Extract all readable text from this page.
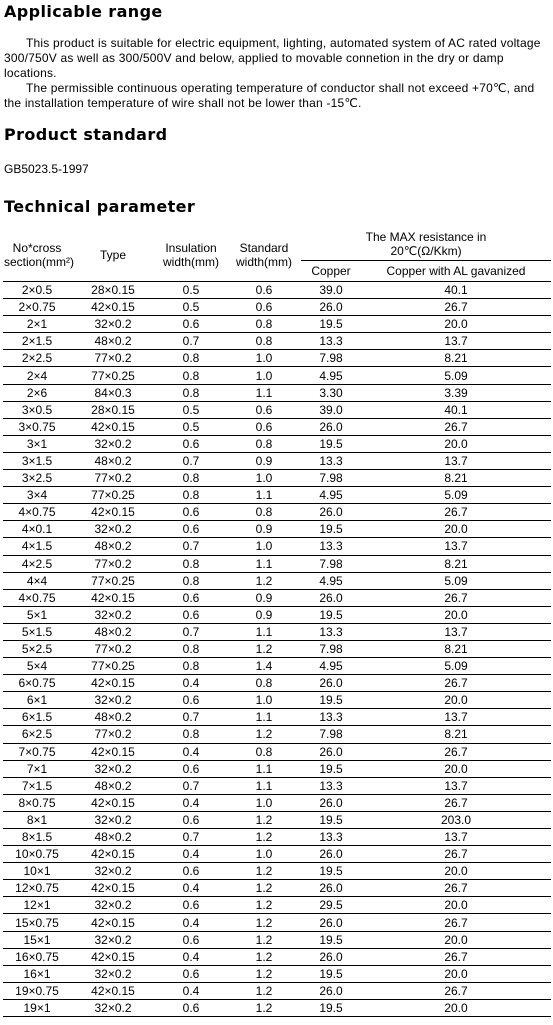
Applicable range
This product is suitable for electric equipment, lighting, automated system of AC rated voltage 300/750V as well as 300/500V and below, applied to movable connetion in the dry or damp locations.
The permissible continuous operating temperature of conductor shall not exceed +70℃, and the installation temperature of wire shall not be lower than -15℃.
Product standard
GB5023.5-1997
Technical parameter
No*cross section(mm²)	Type	Insulation width(mm)	Standard width(mm)	The MAX resistance in 20℃(Ω/Kkm)	

				Copper	Copper with AL gavanized
2×0.5	28×0.15	0.5	0.6	39.0	40.1
2×0.75	42×0.15	0.5	0.6	26.0	26.7
2×1	32×0.2	0.6	0.8	19.5	20.0
2×1.5	48×0.2	0.7	0.8	13.3	13.7
2×2.5	77×0.2	0.8	1.0	7.98	8.21
2×4	77×0.25	0.8	1.0	4.95	5.09
2×6	84×0.3	0.8	1.1	3.30	3.39
3×0.5	28×0.15	0.5	0.6	39.0	40.1
3×0.75	42×0.15	0.5	0.6	26.0	26.7
3×1	32×0.2	0.6	0.8	19.5	20.0
3×1.5	48×0.2	0.7	0.9	13.3	13.7
3×2.5	77×0.2	0.8	1.0	7.98	8.21
3×4	77×0.25	0.8	1.1	4.95	5.09
4×0.75	42×0.15	0.6	0.8	26.0	26.7
4×0.1	32×0.2	0.6	0.9	19.5	20.0
4×1.5	48×0.2	0.7	1.0	13.3	13.7
4×2.5	77×0.2	0.8	1.1	7.98	8.21
4×4	77×0.25	0.8	1.2	4.95	5.09
4×0.75	42×0.15	0.6	0.9	26.0	26.7
5×1	32×0.2	0.6	0.9	19.5	20.0
5×1.5	48×0.2	0.7	1.1	13.3	13.7
5×2.5	77×0.2	0.8	1.2	7.98	8.21
5×4	77×0.25	0.8	1.4	4.95	5.09
6×0.75	42×0.15	0.4	0.8	26.0	26.7
6×1	32×0.2	0.6	1.0	19.5	20.0
6×1.5	48×0.2	0.7	1.1	13.3	13.7
6×2.5	77×0.2	0.8	1.2	7.98	8.21
7×0.75	42×0.15	0.4	0.8	26.0	26.7
7×1	32×0.2	0.6	1.1	19.5	20.0
7×1.5	48×0.2	0.7	1.1	13.3	13.7
8×0.75	42×0.15	0.4	1.0	26.0	26.7
8×1	32×0.2	0.6	1.2	19.5	203.0
8×1.5	48×0.2	0.7	1.2	13.3	13.7
10×0.75	42×0.15	0.4	1.0	26.0	26.7
10×1	32×0.2	0.6	1.2	19.5	20.0
12×0.75	42×0.15	0.4	1.2	26.0	26.7
12×1	32×0.2	0.6	1.2	29.5	20.0
15×0.75	42×0.15	0.4	1.2	26.0	26.7
15×1	32×0.2	0.6	1.2	19.5	20.0
16×0.75	42×0.15	0.4	1.2	26.0	26.7
16×1	32×0.2	0.6	1.2	19.5	20.0
19×0.75	42×0.15	0.4	1.2	26.0	26.7
19×1	32×0.2	0.6	1.2	19.5	20.0
